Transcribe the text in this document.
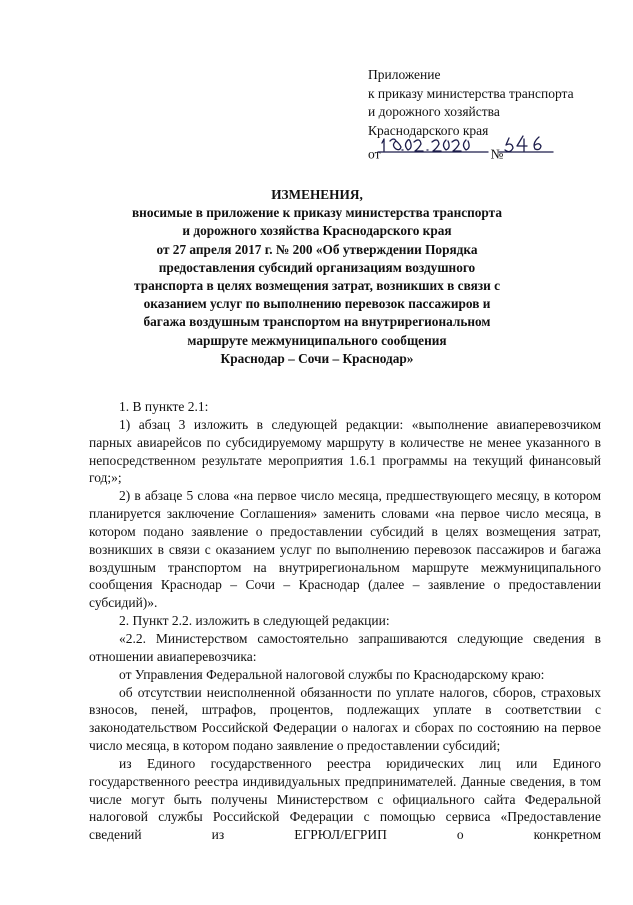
Приложение
к приказу министерства транспорта
и дорожного хозяйства
Краснодарского края
от	№
ИЗМЕНЕНИЯ,
вносимые в приложение к приказу министерства транспорта
и дорожного хозяйства Краснодарского края
от 27 апреля 2017 г. № 200 «Об утверждении Порядка
предоставления субсидий организациям воздушного
транспорта в целях возмещения затрат, возникших в связи с
оказанием услуг по выполнению перевозок пассажиров и
багажа воздушным транспортом на внутрирегиональном
маршруте межмуниципального сообщения
Краснодар – Сочи – Краснодар»
1. В пункте 2.1:
1) абзац 3 изложить в следующей редакции: «выполнение авиаперевозчиком парных авиарейсов по субсидируемому маршруту в количестве не менее указанного в непосредственном результате мероприятия 1.6.1 программы на текущий финансовый год;»;
2) в абзаце 5 слова «на первое число месяца, предшествующего месяцу, в котором планируется заключение Соглашения» заменить словами «на первое число месяца, в котором подано заявление о предоставлении субсидий в целях возмещения затрат, возникших в связи с оказанием услуг по выполнению перевозок пассажиров и багажа воздушным транспортом на внутрирегиональном маршруте межмуниципального сообщения Краснодар – Сочи – Краснодар (далее – заявление о предоставлении субсидий)».
2. Пункт 2.2. изложить в следующей редакции:
«2.2. Министерством самостоятельно запрашиваются следующие сведения в отношении авиаперевозчика:
от Управления Федеральной налоговой службы по Краснодарскому краю:
об отсутствии неисполненной обязанности по уплате налогов, сборов, страховых взносов, пеней, штрафов, процентов, подлежащих уплате в соответствии с законодательством Российской Федерации о налогах и сборах по состоянию на первое число месяца, в котором подано заявление о предоставлении субсидий;
из Единого государственного реестра юридических лиц или Единого государственного реестра индивидуальных предпринимателей. Данные сведения, в том числе могут быть получены Министерством с официального сайта Федеральной налоговой службы Российской Федерации с помощью сервиса «Предоставление сведений из ЕГРЮЛ/ЕГРИП о конкретном
